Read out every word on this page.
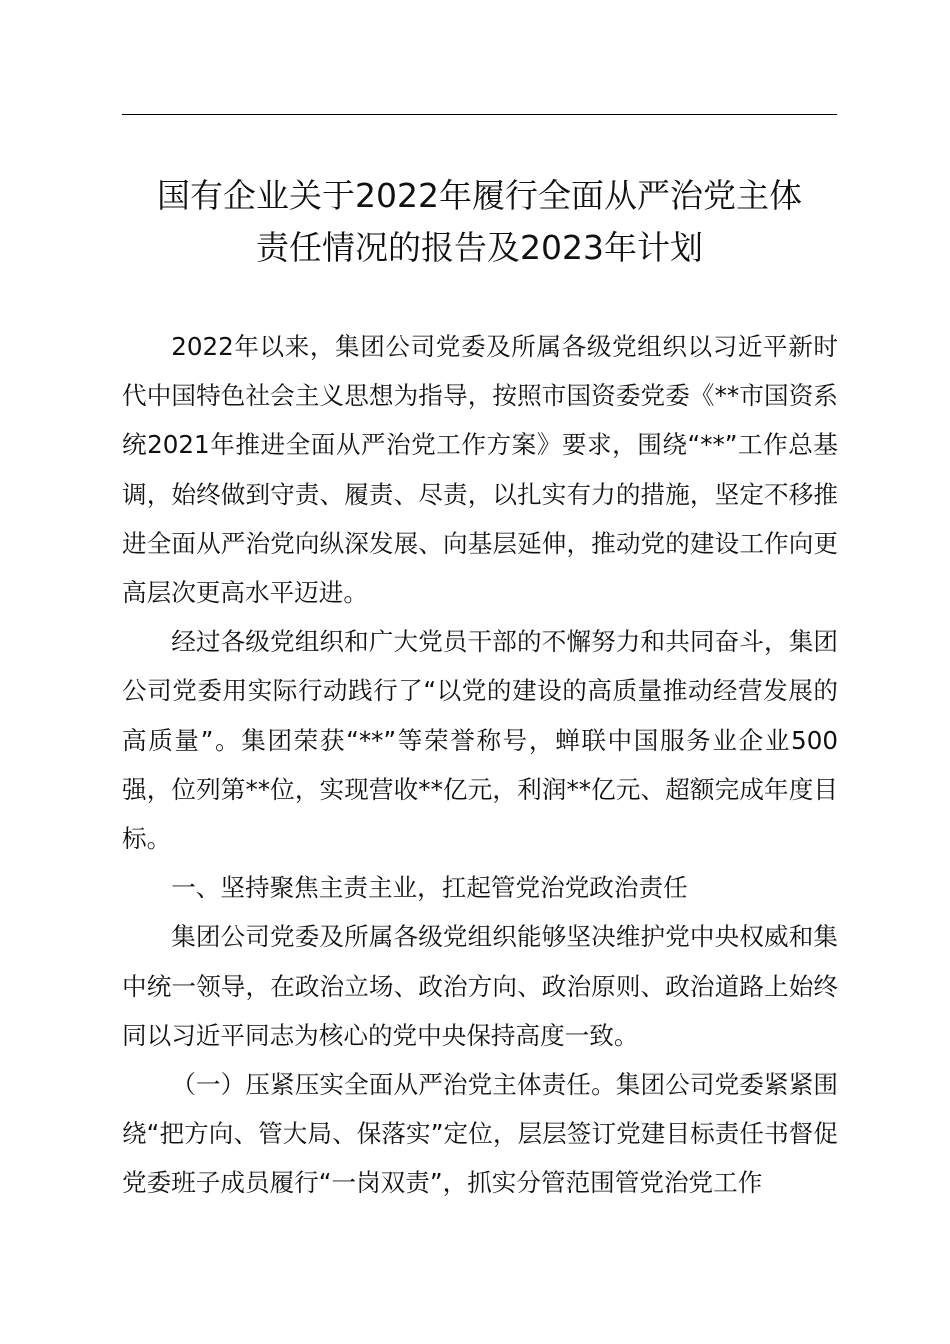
国有企业关于2022年履行全面从严治党主体
责任情况的报告及2023年计划

2022年以来，集团公司党委及所属各级党组织以习近平新时代中国特色社会主义思想为指导，按照市国资委党委《**市国资系统2021年推进全面从严治党工作方案》要求，围绕“**”工作总基调，始终做到守责、履责、尽责，以扎实有力的措施，坚定不移推进全面从严治党向纵深发展、向基层延伸，推动党的建设工作向更高层次更高水平迈进。

经过各级党组织和广大党员干部的不懈努力和共同奋斗，集团公司党委用实际行动践行了“以党的建设的高质量推动经营发展的高质量”。集团荣获“**”等荣誉称号，蝉联中国服务业企业500强，位列第**位，实现营收**亿元，利润**亿元、超额完成年度目标。

一、坚持聚焦主责主业，扛起管党治党政治责任

集团公司党委及所属各级党组织能够坚决维护党中央权威和集中统一领导，在政治立场、政治方向、政治原则、政治道路上始终同以习近平同志为核心的党中央保持高度一致。

（一）压紧压实全面从严治党主体责任。集团公司党委紧紧围绕“把方向、管大局、保落实”定位，层层签订党建目标责任书督促党委班子成员履行“一岗双责”，抓实分管范围管党治党工作
